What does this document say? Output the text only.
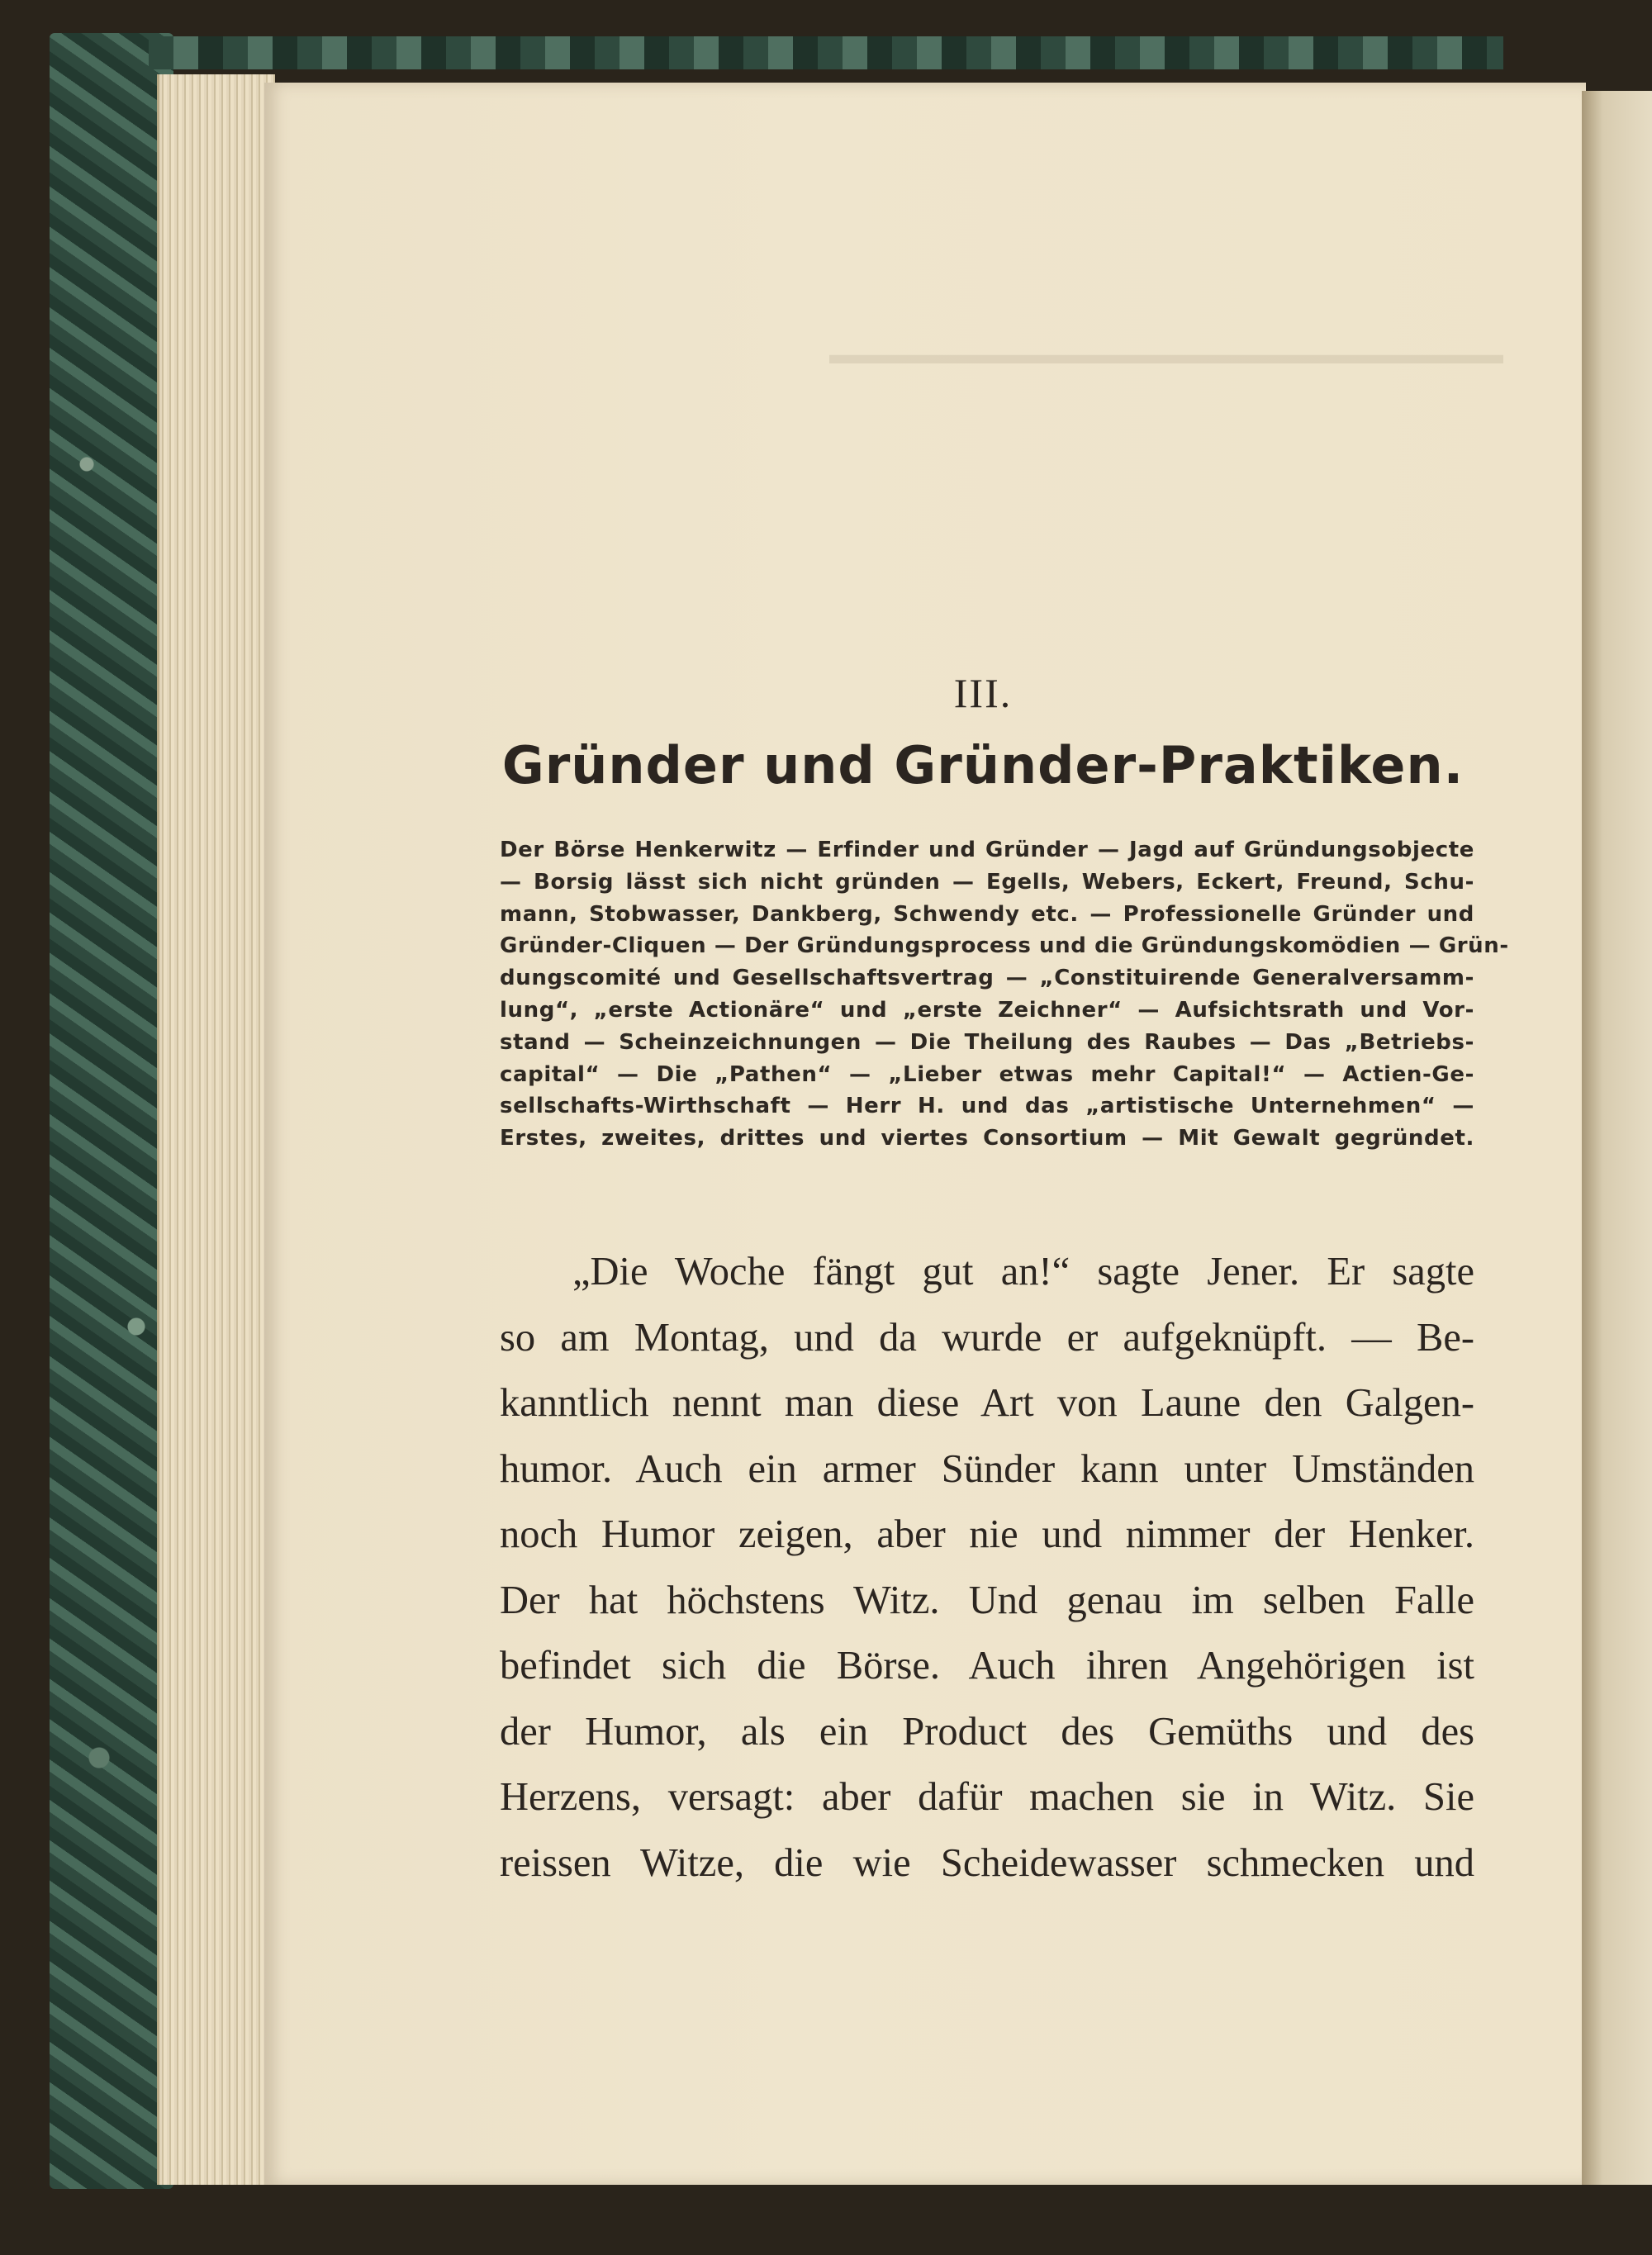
▬▬▬▬▬▬▬▬▬▬▬▬▬▬▬▬▬▬▬▬▬▬▬▬
III.
Gründer und Gründer-Praktiken.
Der Börse Henkerwitz — Erfinder und Gründer — Jagd auf Gründungsobjecte
— Borsig lässt sich nicht gründen — Egells, Webers, Eckert, Freund, Schu-
mann, Stobwasser, Dankberg, Schwendy etc. — Professionelle Gründer und
Gründer-Cliquen — Der Gründungsprocess und die Gründungskomödien — Grün-
dungscomité und Gesellschaftsvertrag — „Constituirende Generalversamm-
lung“, „erste Actionäre“ und „erste Zeichner“ — Aufsichtsrath und Vor-
stand — Scheinzeichnungen — Die Theilung des Raubes — Das „Betriebs-
capital“ — Die „Pathen“ — „Lieber etwas mehr Capital!“ — Actien-Ge-
sellschafts-Wirthschaft — Herr H. und das „artistische Unternehmen“ —
Erstes, zweites, drittes und viertes Consortium — Mit Gewalt gegründet.
„Die Woche fängt gut an!“ sagte Jener. Er sagte
so am Montag, und da wurde er aufgeknüpft. — Be-
kanntlich nennt man diese Art von Laune den Galgen-
humor. Auch ein armer Sünder kann unter Umständen
noch Humor zeigen, aber nie und nimmer der Henker.
Der hat höchstens Witz. Und genau im selben Falle
befindet sich die Börse. Auch ihren Angehörigen ist
der Humor, als ein Product des Gemüths und des
Herzens, versagt: aber dafür machen sie in Witz. Sie
reissen Witze, die wie Scheidewasser schmecken und
